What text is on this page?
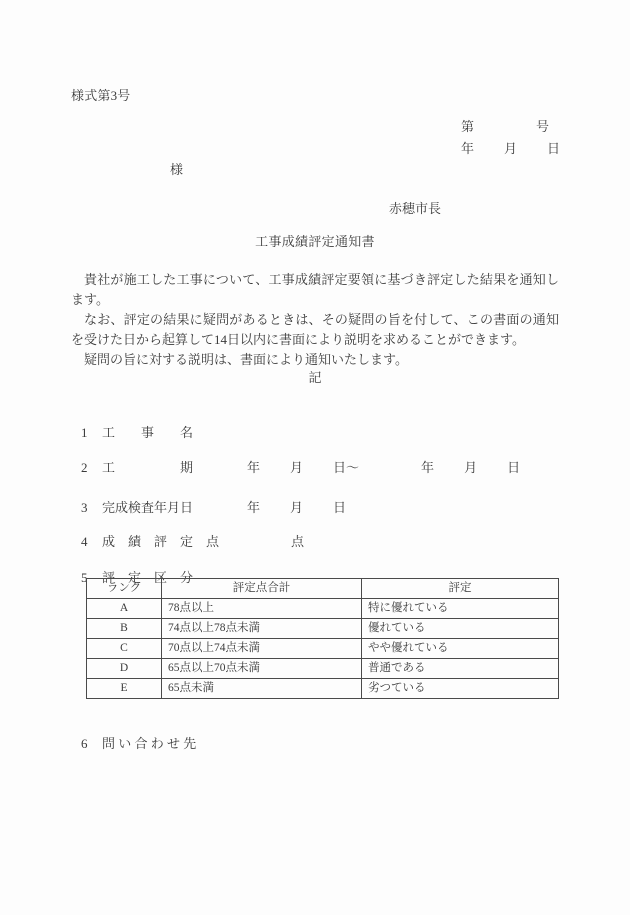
様式第3号

第	号

年 月 日

様
赤穂市長
工事成績評定通知書

貴社が施工した工事について、工事成績評定要領に基づき評定した結果を通知します。

なお、評定の結果に疑問があるときは、その疑問の旨を付して、この書面の通知を受けた日から起算して14日以内に書面により説明を求めることができます。

疑問の旨に対する説明は、書面により通知いたします。

記

1 工　　事　　名

2 工　　　　　期	年 月 日～	年 月 日

3 完成検査年月日	年 月 日

4 成　績　評　定　点	点

5 評　定　区　分

ランク	評定点合計	評定
A	78点以上	特に優れている
B	74点以上78点未満	優れている
C	70点以上74点未満	やや優れている
D	65点以上70点未満	普通である
E	65点未満	劣つている

6 問 い 合 わ せ 先
